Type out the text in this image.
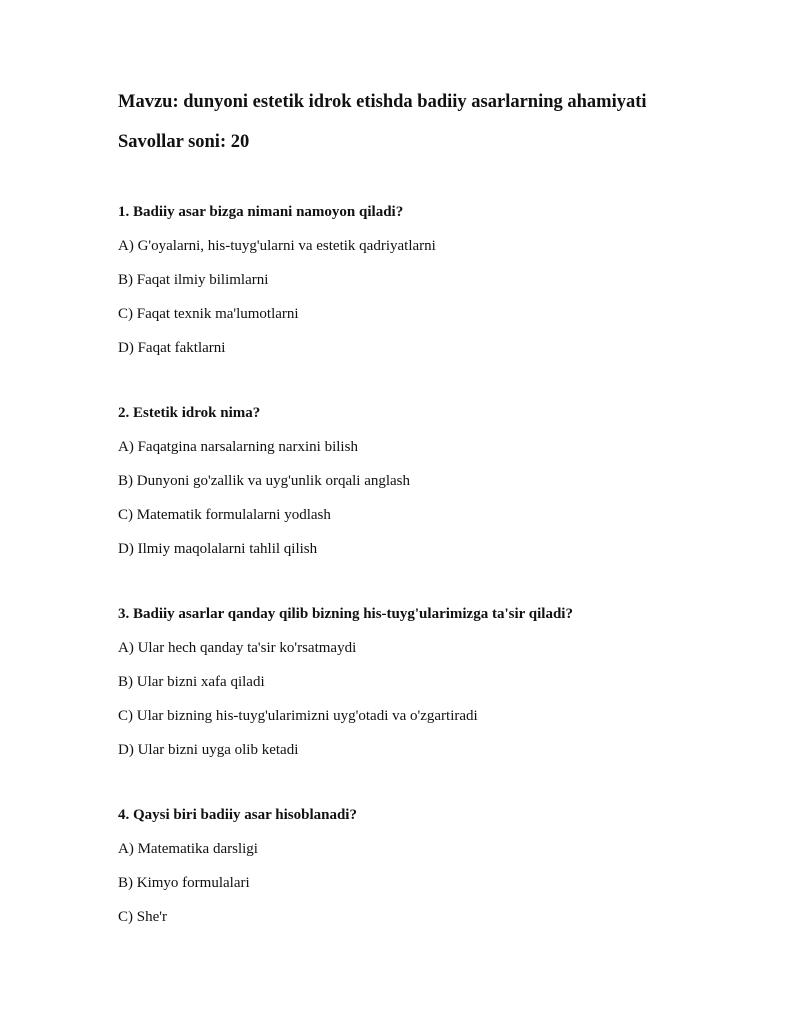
Mavzu: dunyoni estetik idrok etishda badiiy asarlarning ahamiyati
Savollar soni: 20
1. Badiiy asar bizga nimani namoyon qiladi?
A) G'oyalarni, his-tuyg'ularni va estetik qadriyatlarni
B) Faqat ilmiy bilimlarni
C) Faqat texnik ma'lumotlarni
D) Faqat faktlarni
2. Estetik idrok nima?
A) Faqatgina narsalarning narxini bilish
B) Dunyoni go'zallik va uyg'unlik orqali anglash
C) Matematik formulalarni yodlash
D) Ilmiy maqolalarni tahlil qilish
3. Badiiy asarlar qanday qilib bizning his-tuyg'ularimizga ta'sir qiladi?
A) Ular hech qanday ta'sir ko'rsatmaydi
B) Ular bizni xafa qiladi
C) Ular bizning his-tuyg'ularimizni uyg'otadi va o'zgartiradi
D) Ular bizni uyga olib ketadi
4. Qaysi biri badiiy asar hisoblanadi?
A) Matematika darsligi
B) Kimyo formulalari
C) She'r
